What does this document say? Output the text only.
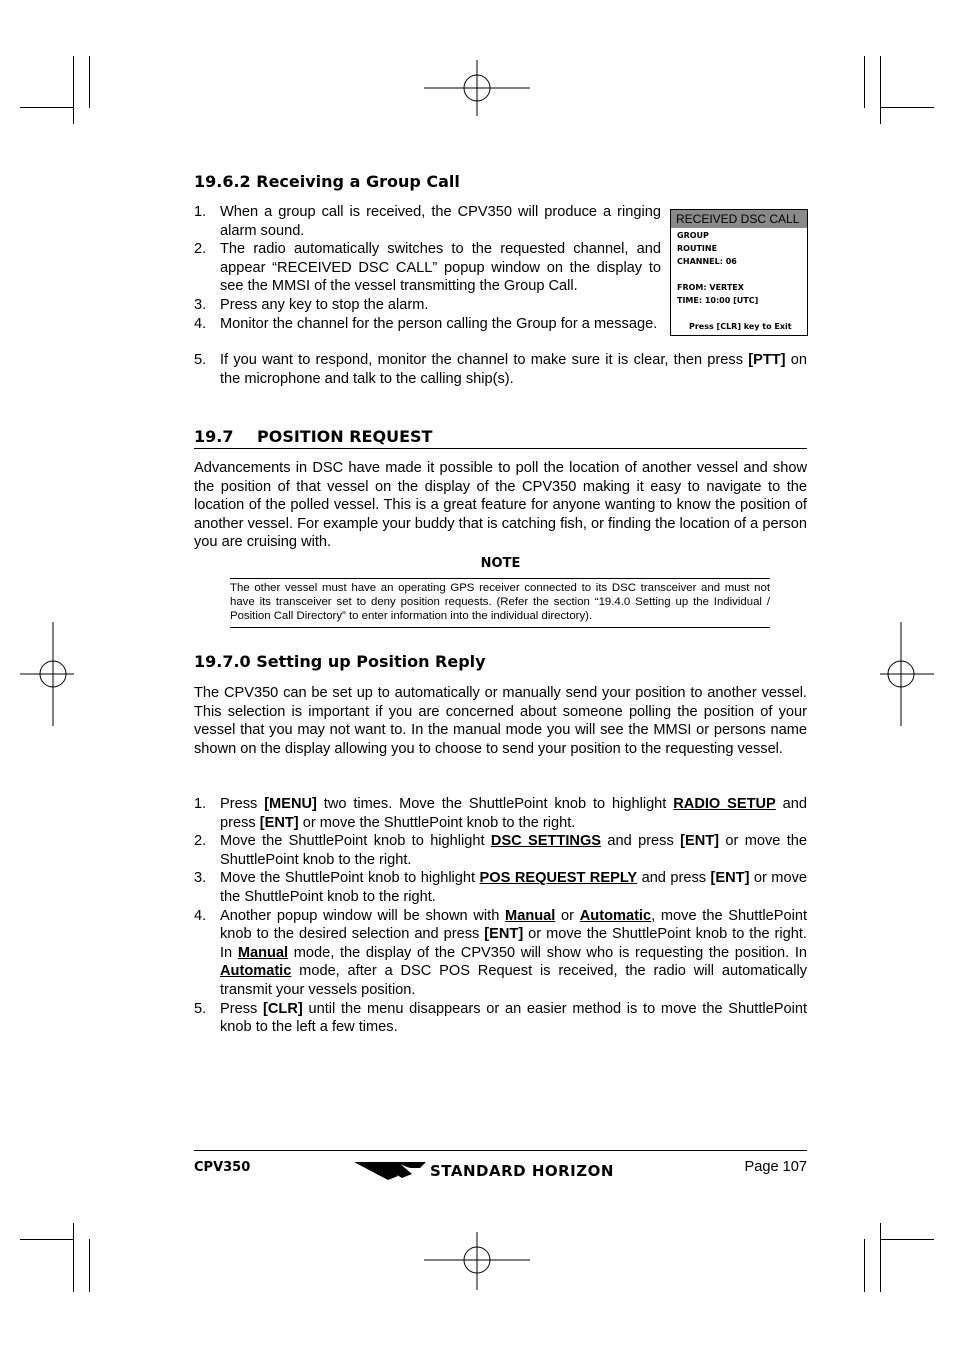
19.6.2 Receiving a Group Call
1. When a group call is received, the CPV350 will produce a ringing alarm sound.
2. The radio automatically switches to the requested channel, and appear “RECEIVED DSC CALL” popup window on the display to see the MMSI of the vessel transmitting the Group Call.
3. Press any key to stop the alarm.
4. Monitor the channel for the person calling the Group for a message.
5. If you want to respond, monitor the channel to make sure it is clear, then press [PTT] on the microphone and talk to the calling ship(s).
RECEIVED DSC CALL
GROUP
ROUTINE
CHANNEL: 06
FROM: VERTEX
TIME: 10:00 [UTC]
Press [CLR] key to Exit
19.7 POSITION REQUEST

Advancements in DSC have made it possible to poll the location of another vessel and show the position of that vessel on the display of the CPV350 making it easy to navigate to the location of the polled vessel. This is a great feature for anyone wanting to know the position of another vessel. For example your buddy that is catching fish, or finding the location of a person you are cruising with.

NOTE
The other vessel must have an operating GPS receiver connected to its DSC transceiver and must not have its transceiver set to deny position requests. (Refer the section “19.4.0 Setting up the Individual / Position Call Directory” to enter information into the individual directory).
19.7.0 Setting up Position Reply

The CPV350 can be set up to automatically or manually send your position to another vessel. This selection is important if you are concerned about someone polling the position of your vessel that you may not want to. In the manual mode you will see the MMSI or persons name shown on the display allowing you to choose to send your position to the requesting vessel.

1. Press [MENU] two times. Move the ShuttlePoint knob to highlight RADIO SETUP and press [ENT] or move the ShuttlePoint knob to the right.
2. Move the ShuttlePoint knob to highlight DSC SETTINGS and press [ENT] or move the ShuttlePoint knob to the right.
3. Move the ShuttlePoint knob to highlight POS REQUEST REPLY and press [ENT] or move the ShuttlePoint knob to the right.
4. Another popup window will be shown with Manual or Automatic, move the ShuttlePoint knob to the desired selection and press [ENT] or move the ShuttlePoint knob to the right. In Manual mode, the display of the CPV350 will show who is requesting the position. In Automatic mode, after a DSC POS Request is received, the radio will automatically transmit your vessels position.
5. Press [CLR] until the menu disappears or an easier method is to move the ShuttlePoint knob to the left a few times.
CPV350	STANDARD HORIZON	Page 107
